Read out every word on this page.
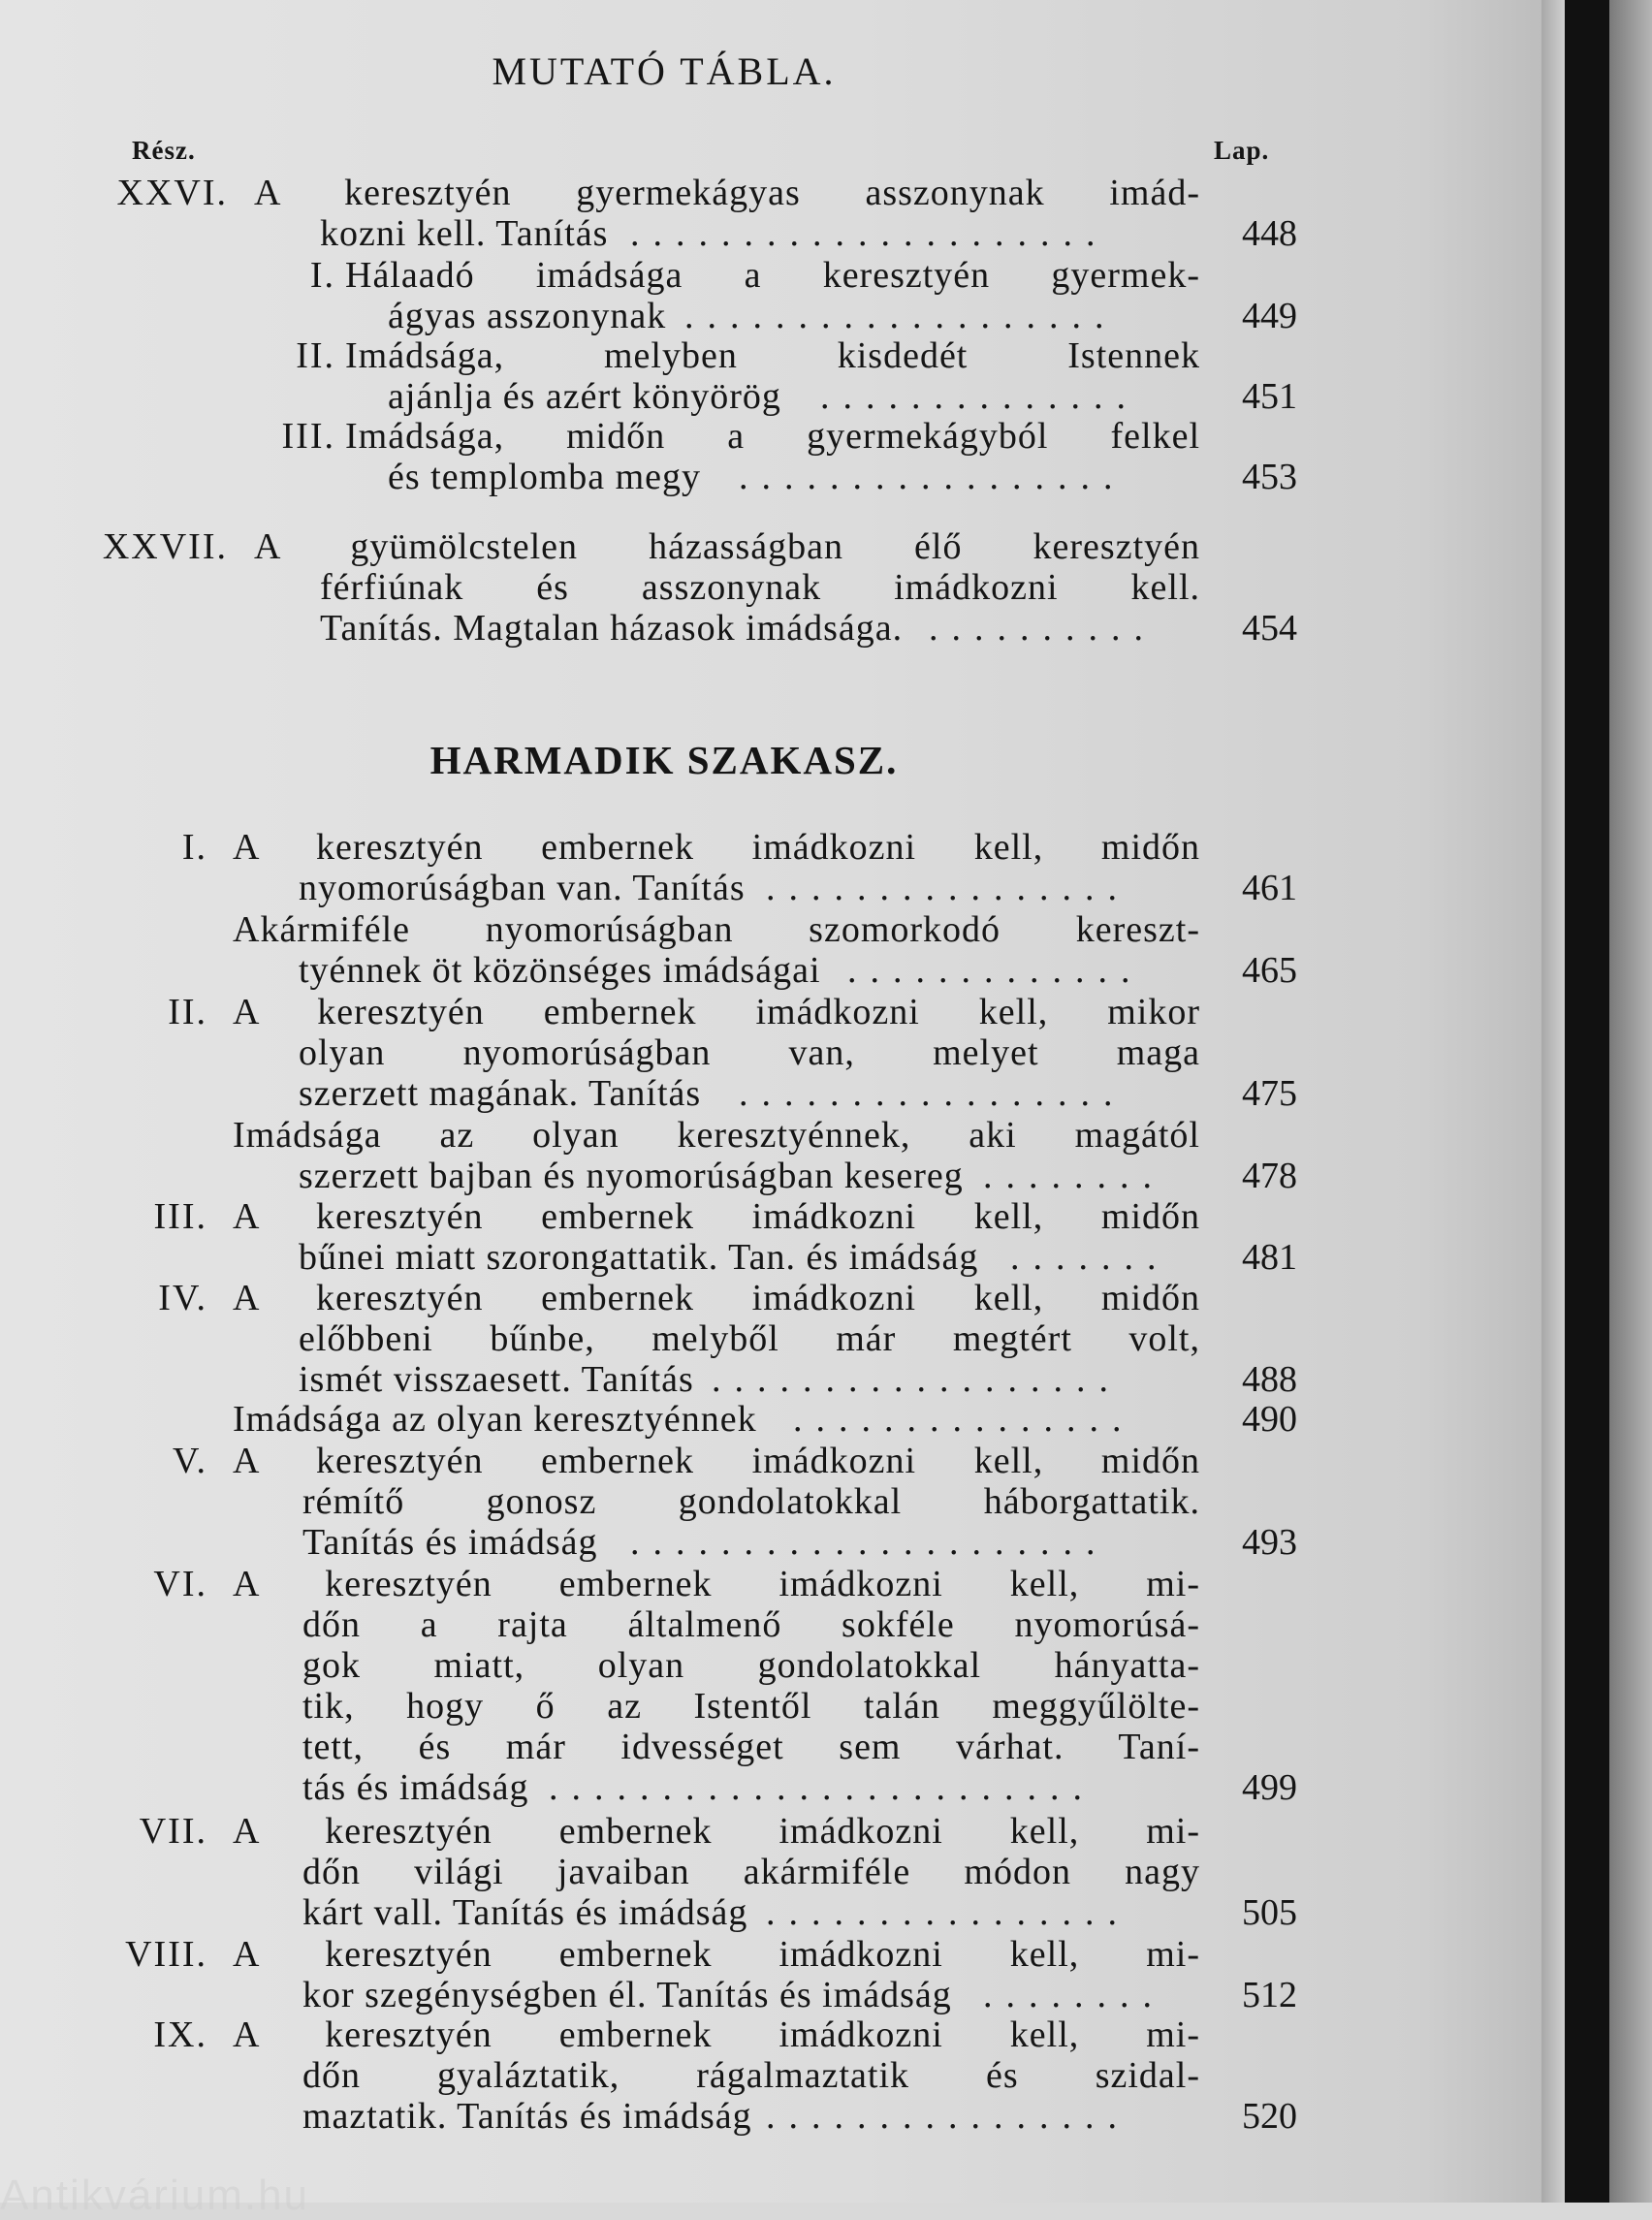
MUTATÓ TÁBLA.
Rész.	Lap.
HARMADIK SZAKASZ.
XXVI. A keresztyén gyermekágyas asszonynak imád-
kozni kell. Tanítás .....................	448
I. Hálaadó imádsága a keresztyén gyermek-
ágyas asszonynak ...................	449
II. Imádsága, melyben kisdedét Istennek
ajánlja és azért könyörög ..............	451
III. Imádsága, midőn a gyermekágyból felkel
és templomba megy .................	453
XXVII. A gyümölcstelen házasságban élő keresztyén
férfiúnak és asszonynak imádkozni kell.
Tanítás. Magtalan házasok imádsága. ..........	454
I. A keresztyén embernek imádkozni kell, midőn
nyomorúságban van. Tanítás ................	461
Akármiféle nyomorúságban szomorkodó kereszt-
tyénnek öt közönséges imádságai .............	465
II. A keresztyén embernek imádkozni kell, mikor
olyan nyomorúságban van, melyet maga
szerzett magának. Tanítás .................	475
Imádsága az olyan keresztyénnek, aki magától
szerzett bajban és nyomorúságban kesereg ........	478
III. A keresztyén embernek imádkozni kell, midőn
bűnei miatt szorongattatik. Tan. és imádság .......	481
IV. A keresztyén embernek imádkozni kell, midőn
előbbeni bűnbe, melyből már megtért volt,
ismét visszaesett. Tanítás ..................	488
Imádsága az olyan keresztyénnek ...............	490
V. A keresztyén embernek imádkozni kell, midőn
rémítő gonosz gondolatokkal háborgattatik.
Tanítás és imádság .....................	493
VI. A keresztyén embernek imádkozni kell, mi-
dőn a rajta általmenő sokféle nyomorúsá-
gok miatt, olyan gondolatokkal hányatta-
tik, hogy ő az Istentől talán meggyűlölte-
tett, és már idvességet sem várhat. Taní-
tás és imádság ........................	499
VII. A keresztyén embernek imádkozni kell, mi-
dőn világi javaiban akármiféle módon nagy
kárt vall. Tanítás és imádság ................	505
VIII. A keresztyén embernek imádkozni kell, mi-
kor szegénységben él. Tanítás és imádság ........	512
IX. A keresztyén embernek imádkozni kell, mi-
dőn gyaláztatik, rágalmaztatik és szidal-
maztatik. Tanítás és imádság ................	520
Antikvárium.hu
